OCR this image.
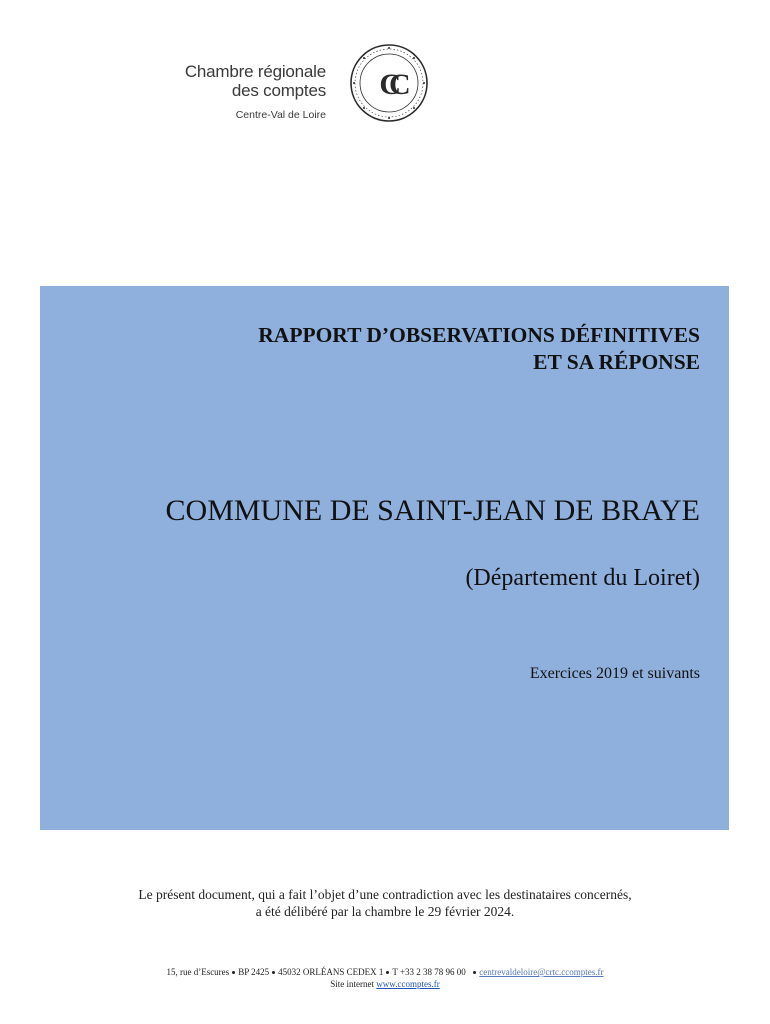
Chambre régionale
des comptes
Centre-Val de Loire
CC
RAPPORT D’OBSERVATIONS DÉFINITIVES
ET SA RÉPONSE
COMMUNE DE SAINT-JEAN DE BRAYE
(Département du Loiret)
Exercices 2019 et suivants
Le présent document, qui a fait l’objet d’une contradiction avec les destinataires concernés,
a été délibéré par la chambre le 29 février 2024.
15, rue d’Escures BP 2425 45032 ORLÉANS CEDEX 1 T +33 2 38 78 96 00 centrevaldeloire@crtc.ccomptes.fr
Site internet www.ccomptes.fr
